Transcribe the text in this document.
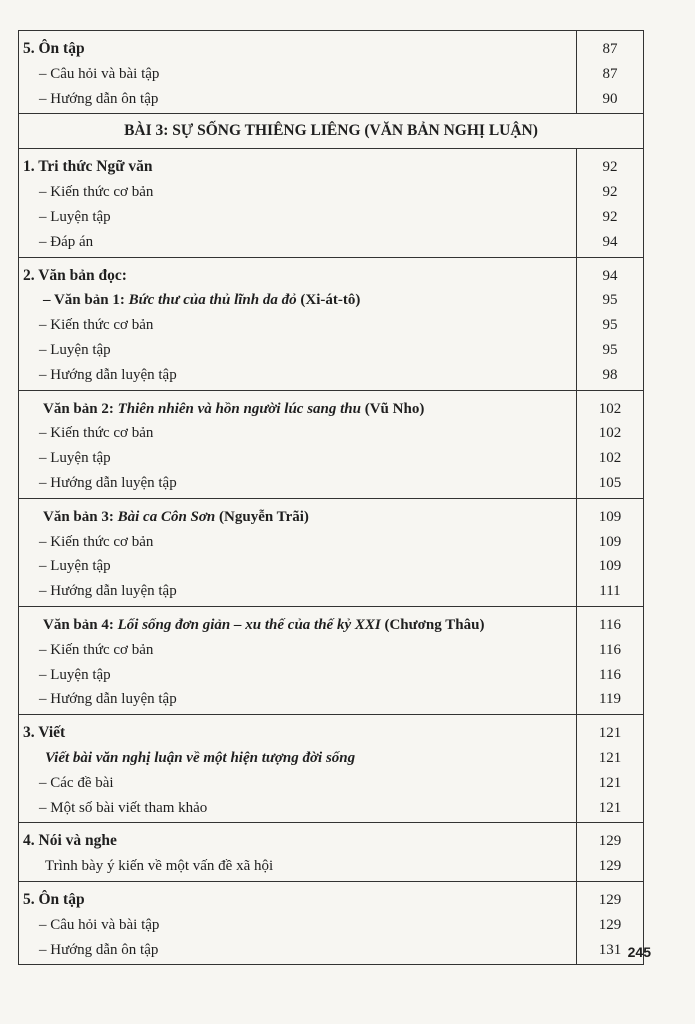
5. Ôn tập
– Câu hỏi và bài tập
– Hướng dẫn ôn tập
87
87
90
BÀI 3: SỰ SỐNG THIÊNG LIÊNG (VĂN BẢN NGHỊ LUẬN)
1. Tri thức Ngữ văn
– Kiến thức cơ bản
– Luyện tập
– Đáp án
92
92
92
94
2. Văn bản đọc:
– Văn bản 1: Bức thư của thủ lĩnh da đỏ (Xi-át-tô)
– Kiến thức cơ bản
– Luyện tập
– Hướng dẫn luyện tập
94
95
95
95
98
Văn bản 2: Thiên nhiên và hồn người lúc sang thu (Vũ Nho)
– Kiến thức cơ bản
– Luyện tập
– Hướng dẫn luyện tập
102
102
102
105
Văn bản 3: Bài ca Côn Sơn (Nguyễn Trãi)
– Kiến thức cơ bản
– Luyện tập
– Hướng dẫn luyện tập
109
109
109
111
Văn bản 4: Lối sống đơn giản – xu thế của thế kỷ XXI (Chương Thâu)
– Kiến thức cơ bản
– Luyện tập
– Hướng dẫn luyện tập
116
116
116
119
3. Viết
Viết bài văn nghị luận về một hiện tượng đời sống
– Các đề bài
– Một số bài viết tham khảo
121
121
121
121
4. Nói và nghe
Trình bày ý kiến về một vấn đề xã hội
129
129
5. Ôn tập
– Câu hỏi và bài tập
– Hướng dẫn ôn tập
129
129
131 245
